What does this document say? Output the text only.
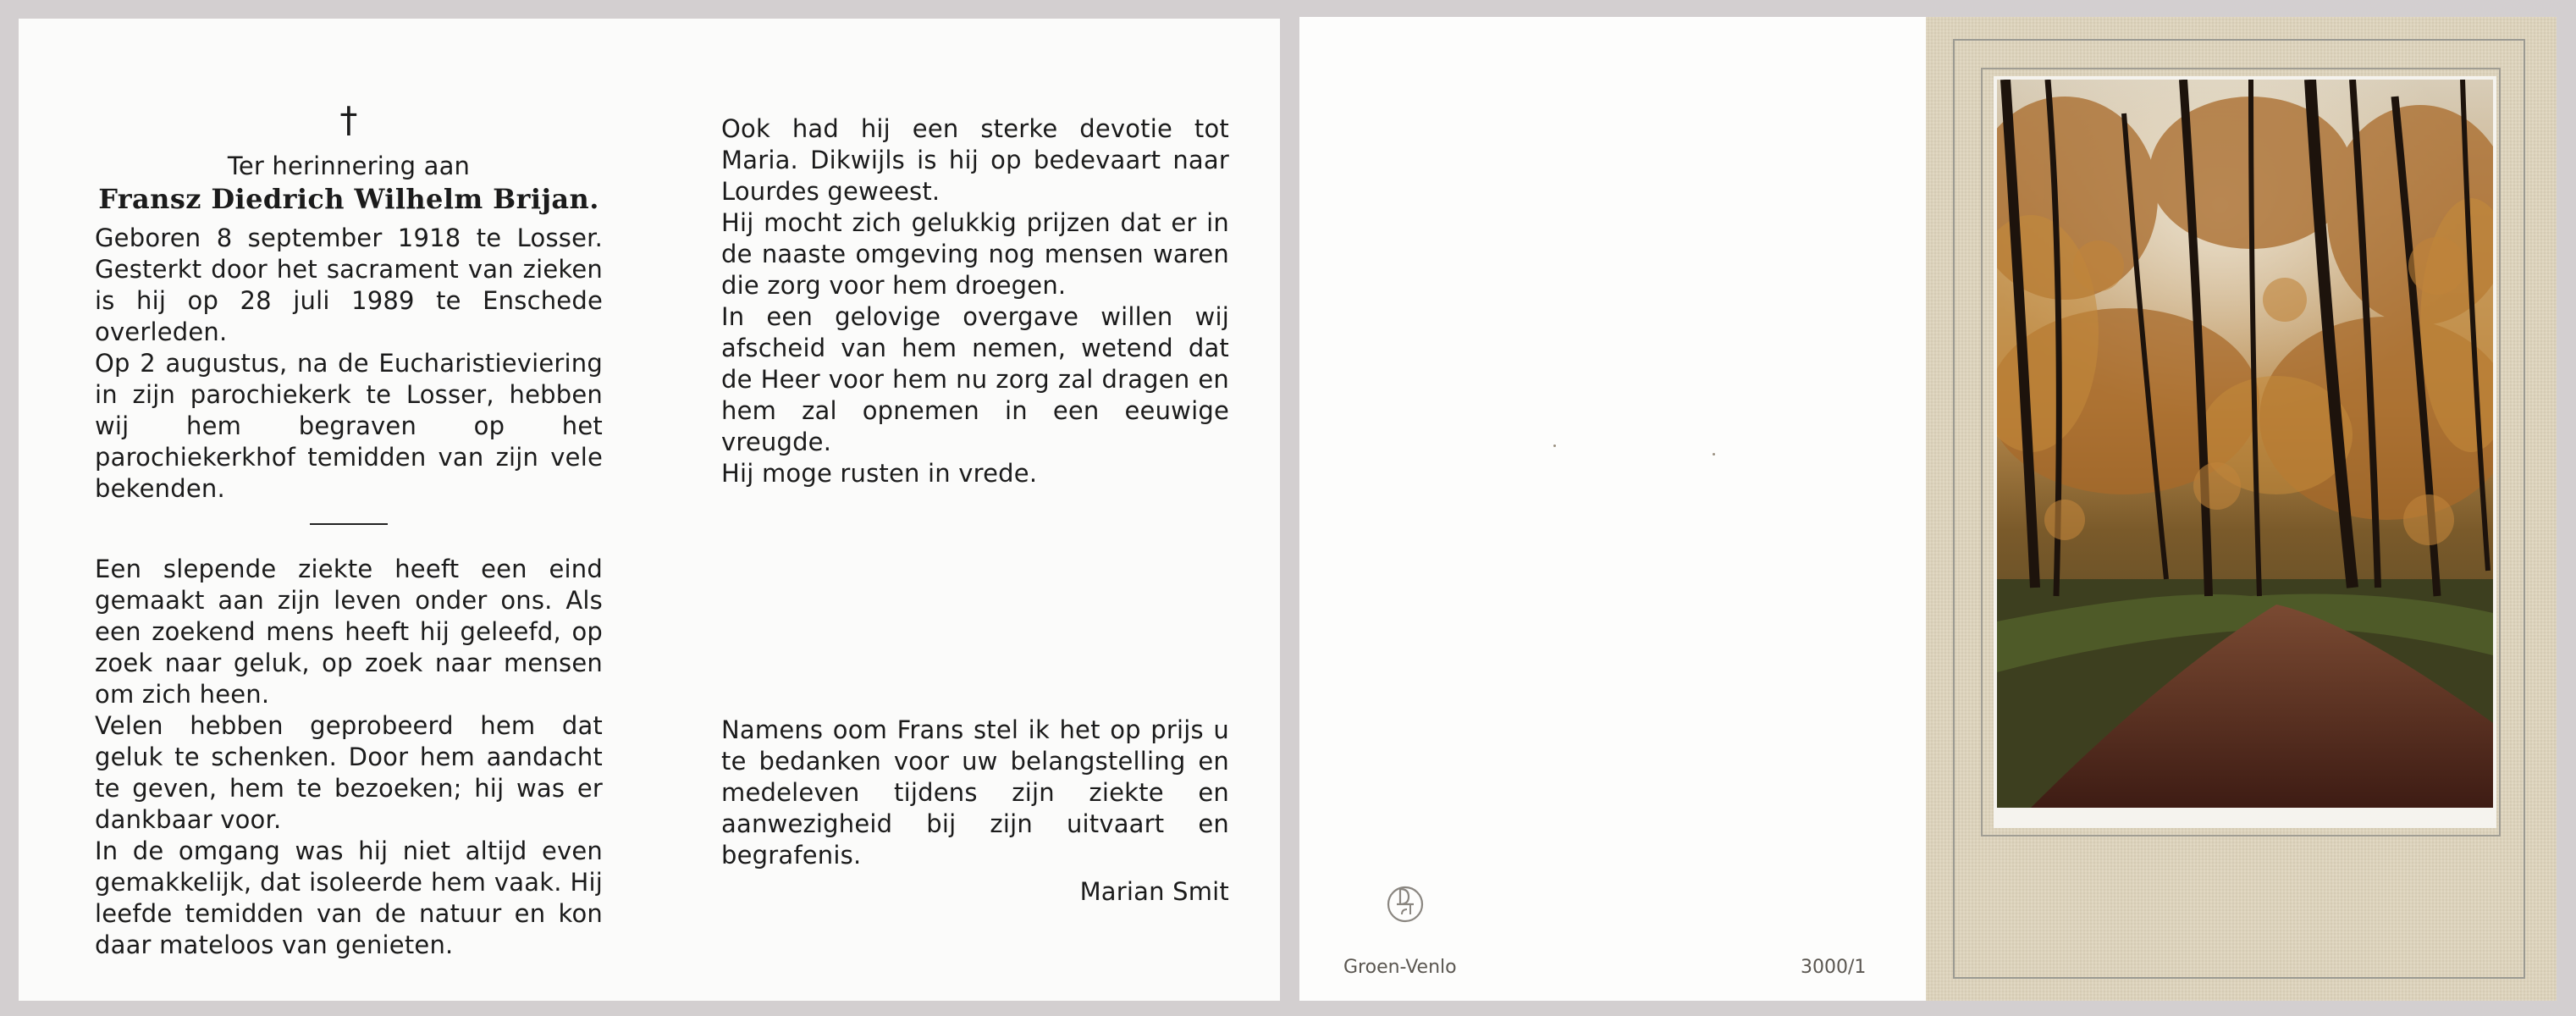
†

Ter herinnering aan

Fransz Diedrich Wilhelm Brijan.

Geboren 8 september 1918 te Losser. Gesterkt door het sacrament van zieken is hij op 28 juli 1989 te Enschede overleden.

Op 2 augustus, na de Eucharistieviering in zijn parochiekerk te Losser, hebben wij hem begraven op het parochiekerkhof temidden van zijn vele bekenden.

Een slepende ziekte heeft een eind gemaakt aan zijn leven onder ons. Als een zoekend mens heeft hij geleefd, op zoek naar geluk, op zoek naar mensen om zich heen.

Velen hebben geprobeerd hem dat geluk te schenken. Door hem aandacht te geven, hem te bezoeken; hij was er dankbaar voor.

In de omgang was hij niet altijd even gemakkelijk, dat isoleerde hem vaak. Hij leefde temidden van de natuur en kon daar mateloos van genieten.

Ook had hij een sterke devotie tot Maria. Dikwijls is hij op bedevaart naar Lourdes geweest.

Hij mocht zich gelukkig prijzen dat er in de naaste omgeving nog mensen waren die zorg voor hem droegen.

In een gelovige overgave willen wij afscheid van hem nemen, wetend dat de Heer voor hem nu zorg zal dragen en hem zal opnemen in een eeuwige vreugde.

Hij moge rusten in vrede.

Namens oom Frans stel ik het op prijs u te bedanken voor uw belangstelling en medeleven tijdens zijn ziekte en aanwezigheid bij zijn uitvaart en begrafenis.

Marian Smit

Groen-Venlo	3000/1
